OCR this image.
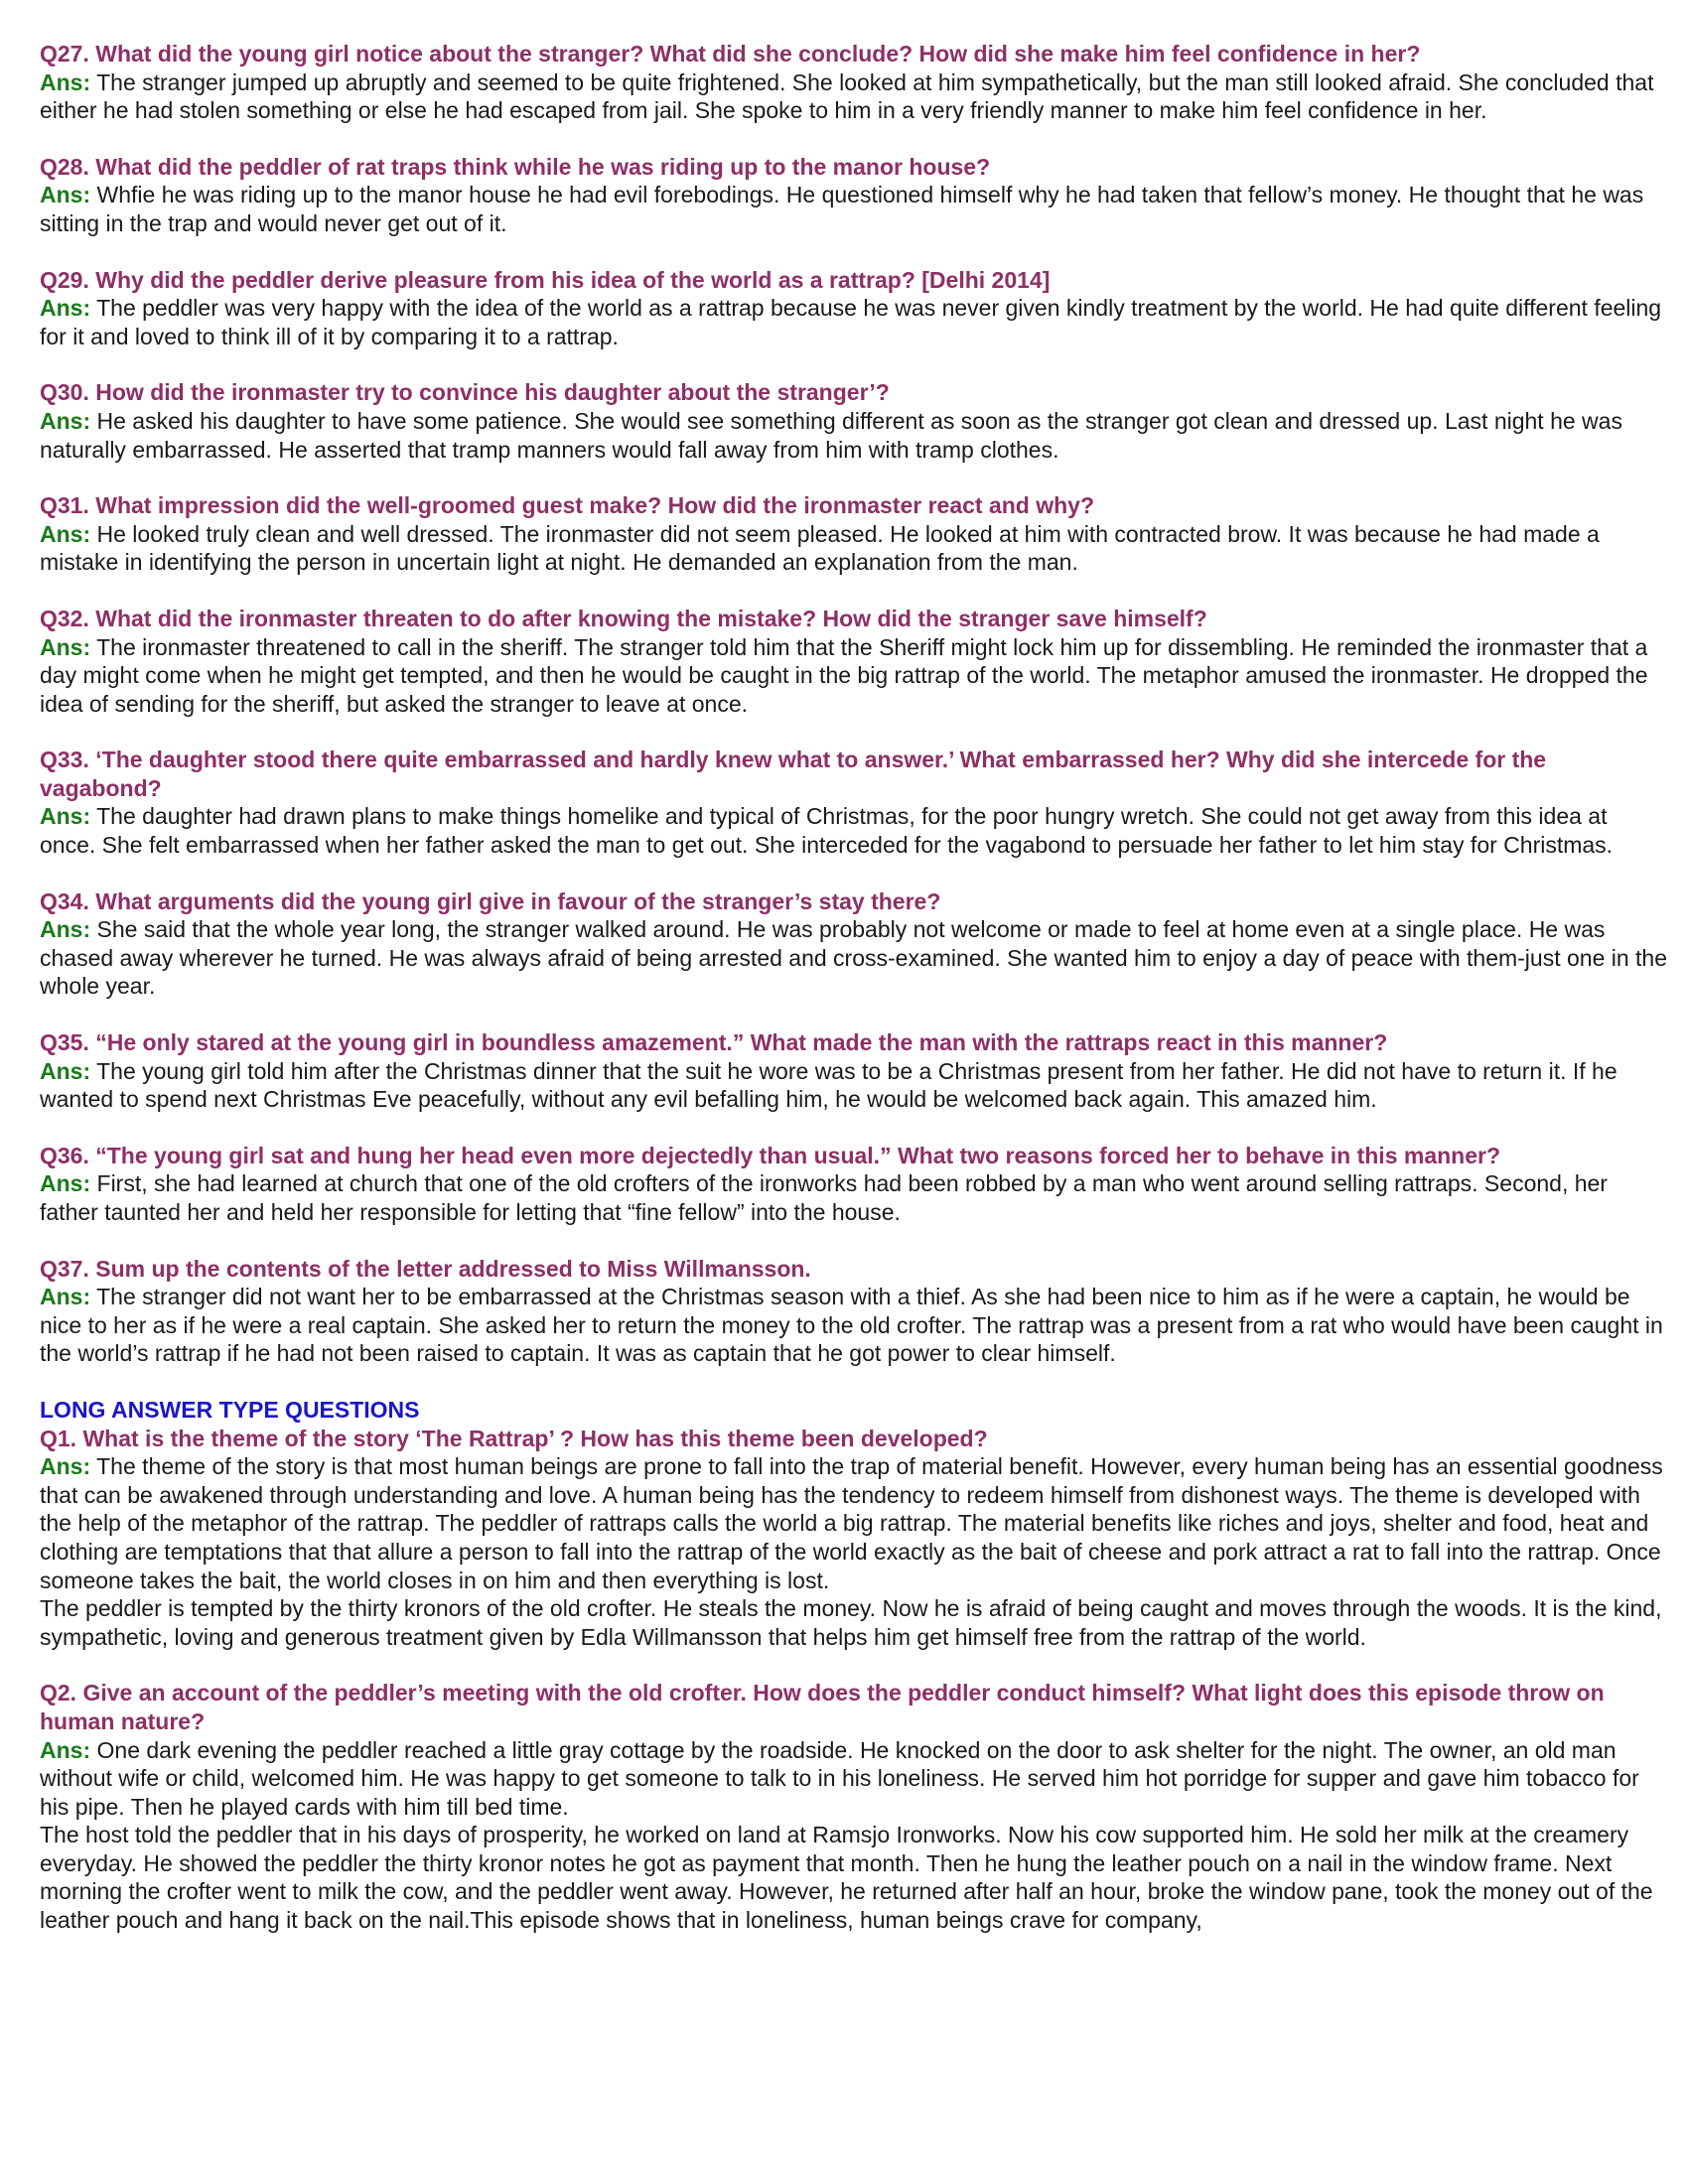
Q27. What did the young girl notice about the stranger? What did she conclude? How did she make him feel confidence in her?

Ans: The stranger jumped up abruptly and seemed to be quite frightened. She looked at him sympathetically, but the man still looked afraid. She concluded that either he had stolen something or else he had escaped from jail. She spoke to him in a very friendly manner to make him feel confidence in her.

Q28. What did the peddler of rat traps think while he was riding up to the manor house?

Ans: Whfie he was riding up to the manor house he had evil forebodings. He questioned himself why he had taken that fellow’s money. He thought that he was sitting in the trap and would never get out of it.

Q29. Why did the peddler derive pleasure from his idea of the world as a rattrap? [Delhi 2014]

Ans: The peddler was very happy with the idea of the world as a rattrap because he was never given kindly treatment by the world. He had quite different feeling for it and loved to think ill of it by comparing it to a rattrap.

Q30. How did the ironmaster try to convince his daughter about the stranger’?

Ans: He asked his daughter to have some patience. She would see something different as soon as the stranger got clean and dressed up. Last night he was naturally embarrassed. He asserted that tramp manners would fall away from him with tramp clothes.

Q31. What impression did the well-groomed guest make? How did the ironmaster react and why?

Ans: He looked truly clean and well dressed. The ironmaster did not seem pleased. He looked at him with contracted brow. It was because he had made a mistake in identifying the person in uncertain light at night. He demanded an explanation from the man.

Q32. What did the ironmaster threaten to do after knowing the mistake? How did the stranger save himself?

Ans: The ironmaster threatened to call in the sheriff. The stranger told him that the Sheriff might lock him up for dissembling. He reminded the ironmaster that a day might come when he might get tempted, and then he would be caught in the big rattrap of the world. The metaphor amused the ironmaster. He dropped the idea of sending for the sheriff, but asked the stranger to leave at once.

Q33. ‘The daughter stood there quite embarrassed and hardly knew what to answer.’ What embarrassed her? Why did she intercede for the vagabond?

Ans: The daughter had drawn plans to make things homelike and typical of Christmas, for the poor hungry wretch. She could not get away from this idea at once. She felt embarrassed when her father asked the man to get out. She interceded for the vagabond to persuade her father to let him stay for Christmas.

Q34. What arguments did the young girl give in favour of the stranger’s stay there?

Ans: She said that the whole year long, the stranger walked around. He was probably not welcome or made to feel at home even at a single place. He was chased away wherever he turned. He was always afraid of being arrested and cross-examined. She wanted him to enjoy a day of peace with them-just one in the whole year.

Q35. “He only stared at the young girl in boundless amazement.” What made the man with the rattraps react in this manner?

Ans: The young girl told him after the Christmas dinner that the suit he wore was to be a Christmas present from her father. He did not have to return it. If he wanted to spend next Christmas Eve peacefully, without any evil befalling him, he would be welcomed back again. This amazed him.

Q36. “The young girl sat and hung her head even more dejectedly than usual.” What two reasons forced her to behave in this manner?

Ans: First, she had learned at church that one of the old crofters of the ironworks had been robbed by a man who went around selling rattraps. Second, her father taunted her and held her responsible for letting that “fine fellow” into the house.

Q37. Sum up the contents of the letter addressed to Miss Willmansson.

Ans: The stranger did not want her to be embarrassed at the Christmas season with a thief. As she had been nice to him as if he were a captain, he would be nice to her as if he were a real captain. She asked her to return the money to the old crofter. The rattrap was a present from a rat who would have been caught in the world’s rattrap if he had not been raised to captain. It was as captain that he got power to clear himself.

LONG ANSWER TYPE QUESTIONS

Q1. What is the theme of the story ‘The Rattrap’ ? How has this theme been developed?

Ans: The theme of the story is that most human beings are prone to fall into the trap of material benefit. However, every human being has an essential goodness that can be awakened through understanding and love. A human being has the tendency to redeem himself from dishonest ways. The theme is developed with the help of the metaphor of the rattrap. The peddler of rattraps calls the world a big rattrap. The material benefits like riches and joys, shelter and food, heat and clothing are temptations that that allure a person to fall into the rattrap of the world exactly as the bait of cheese and pork attract a rat to fall into the rattrap. Once someone takes the bait, the world closes in on him and then everything is lost.

The peddler is tempted by the thirty kronors of the old crofter. He steals the money. Now he is afraid of being caught and moves through the woods. It is the kind, sympathetic, loving and generous treatment given by Edla Willmansson that helps him get himself free from the rattrap of the world.

Q2. Give an account of the peddler’s meeting with the old crofter. How does the peddler conduct himself? What light does this episode throw on human nature?

Ans: One dark evening the peddler reached a little gray cottage by the roadside. He knocked on the door to ask shelter for the night. The owner, an old man without wife or child, welcomed him. He was happy to get someone to talk to in his loneliness. He served him hot porridge for supper and gave him tobacco for his pipe. Then he played cards with him till bed time.

The host told the peddler that in his days of prosperity, he worked on land at Ramsjo Ironworks. Now his cow supported him. He sold her milk at the creamery everyday. He showed the peddler the thirty kronor notes he got as payment that month. Then he hung the leather pouch on a nail in the window frame. Next morning the crofter went to milk the cow, and the peddler went away. However, he returned after half an hour, broke the window pane, took the money out of the leather pouch and hang it back on the nail.This episode shows that in loneliness, human beings crave for company,
